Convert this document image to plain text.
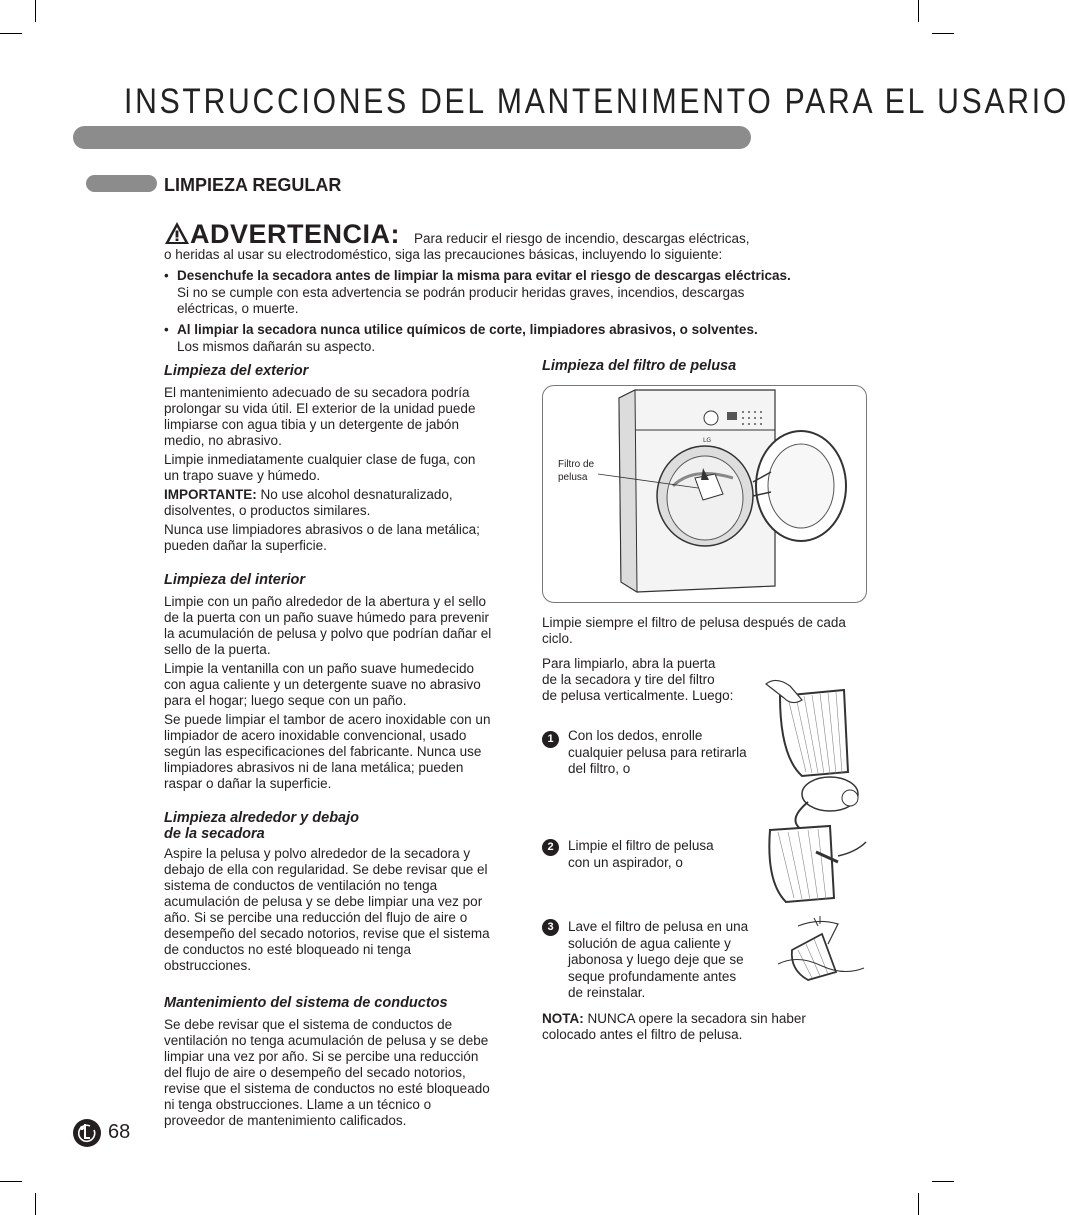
INSTRUCCIONES DEL MANTENIMENTO PARA EL USARIO
LIMPIEZA REGULAR
ADVERTENCIA: Para reducir el riesgo de incendio, descargas eléctricas,
o heridas al usar su electrodoméstico, siga las precauciones básicas, incluyendo lo siguiente:
• Desenchufe la secadora antes de limpiar la misma para evitar el riesgo de descargas eléctricas.
Si no se cumple con esta advertencia se podrán producir heridas graves, incendios, descargas eléctricas, o muerte.
• Al limpiar la secadora nunca utilice químicos de corte, limpiadores abrasivos, o solventes.
Los mismos dañarán su aspecto.

Limpieza del exterior

El mantenimiento adecuado de su secadora podría prolongar su vida útil. El exterior de la unidad puede limpiarse con agua tibia y un detergente de jabón medio, no abrasivo.

Limpie inmediatamente cualquier clase de fuga, con un trapo suave y húmedo.

IMPORTANTE: No use alcohol desnaturalizado, disolventes, o productos similares.

Nunca use limpiadores abrasivos o de lana metálica; pueden dañar la superficie.

Limpieza del interior

Limpie con un paño alrededor de la abertura y el sello de la puerta con un paño suave húmedo para prevenir la acumulación de pelusa y polvo que podrían dañar el sello de la puerta.

Limpie la ventanilla con un paño suave humedecido con agua caliente y un detergente suave no abrasivo para el hogar; luego seque con un paño.

Se puede limpiar el tambor de acero inoxidable con un limpiador de acero inoxidable convencional, usado según las especificaciones del fabricante. Nunca use limpiadores abrasivos ni de lana metálica; pueden raspar o dañar la superficie.

Limpieza alrededor y debajo

de la secadora

Aspire la pelusa y polvo alrededor de la secadora y debajo de ella con regularidad. Se debe revisar que el sistema de conductos de ventilación no tenga acumulación de pelusa y se debe limpiar una vez por año. Si se percibe una reducción del flujo de aire o desempeño del secado notorios, revise que el sistema de conductos no esté bloqueado ni tenga obstrucciones.

Mantenimiento del sistema de conductos

Se debe revisar que el sistema de conductos de ventilación no tenga acumulación de pelusa y se debe limpiar una vez por año. Si se percibe una reducción del flujo de aire o desempeño del secado notorios, revise que el sistema de conductos no esté bloqueado ni tenga obstrucciones. Llame a un técnico o proveedor de mantenimiento calificados.

Limpieza del filtro de pelusa
LG
Filtro de
pelusa
Limpie siempre el filtro de pelusa después de cada ciclo.
Para limpiarlo, abra la puerta
de la secadora y tire del filtro
de pelusa verticalmente. Luego:
1	Con los dedos, enrolle
cualquier pelusa para retirarla
del filtro, o
2	Limpie el filtro de pelusa
con un aspirador, o
3	Lave el filtro de pelusa en una
solución de agua caliente y
jabonosa y luego deje que se
seque profundamente antes
de reinstalar.
NOTA: NUNCA opere la secadora sin haber
colocado antes el filtro de pelusa.
LG
68
